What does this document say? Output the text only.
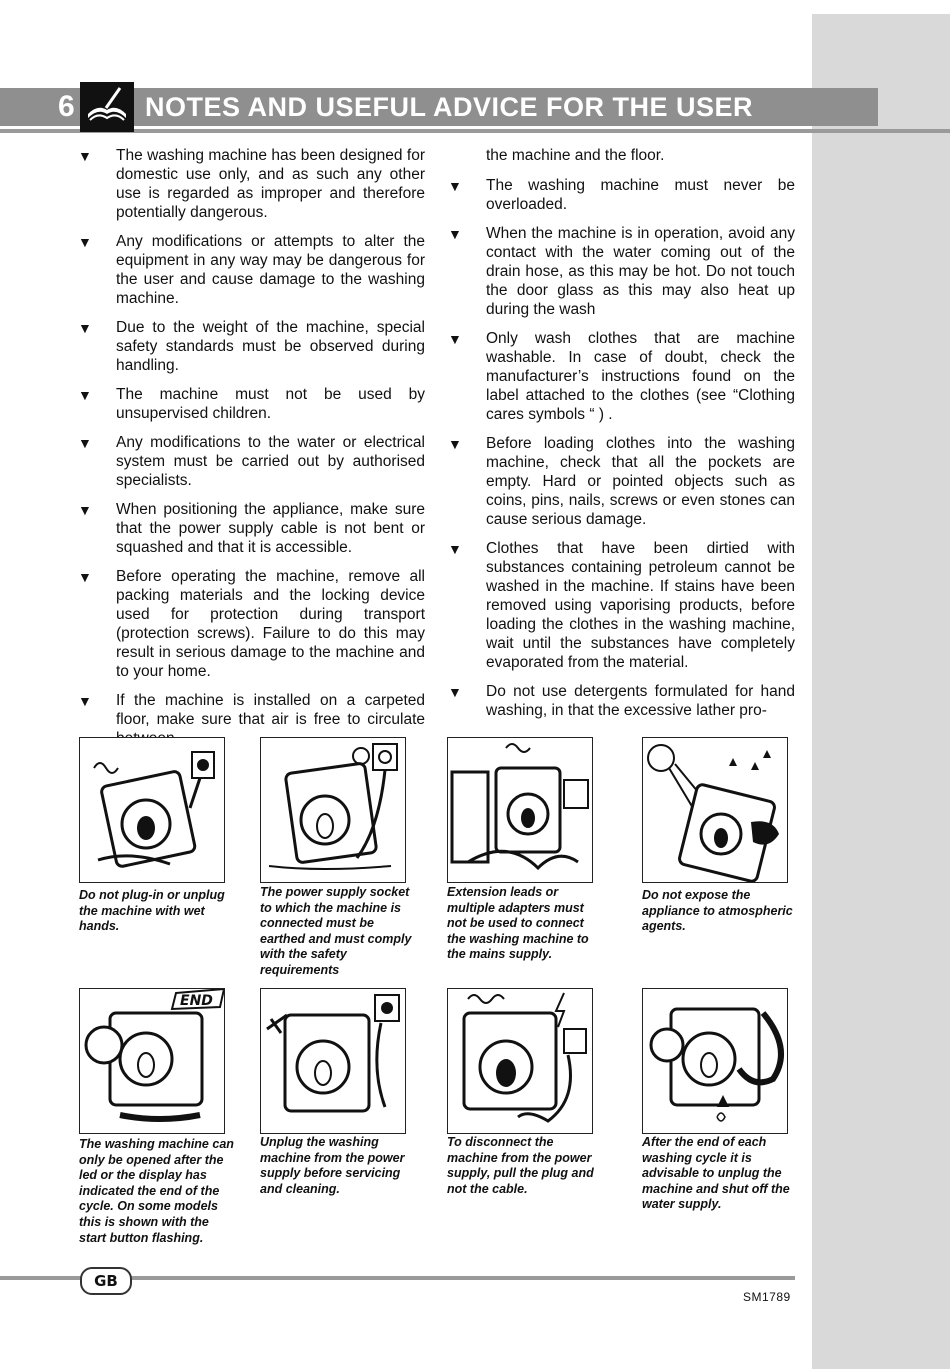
6	NOTES AND USEFUL ADVICE FOR THE USER
▼ The washing machine has been designed for domestic use only, and as such any other use is regarded as improper and therefore potentially dangerous.
▼ Any modifications or attempts to alter the equipment in any way may be dangerous for the user and cause damage to the washing machine.
▼ Due to the weight of the machine, special safety standards must be observed during handling.
▼ The machine must not be used by unsupervised children.
▼ Any modifications to the water or electrical system must be carried out by authorised specialists.
▼ When positioning the appliance, make sure that the power supply cable is not bent or squashed and that it is accessible.
▼ Before operating the machine, remove all packing materials and the locking device used for protection during transport (protection screws). Failure to do this may result in serious damage to the machine and to your home.
▼ If the machine is installed on a carpeted floor, make sure that air is free to circulate
the machine and the floor.
▼ The washing machine must never be overloaded.
▼ When the machine is in operation, avoid any contact with the water coming out of the drain hose, as this may be hot. Do not touch the door glass as this may also heat up during the wash
▼ Only wash clothes that are machine washable. In case of doubt, check the manufacturer’s instructions found on the label attached to the clothes (see “Clothing cares symbols “ ) .
▼ Before loading clothes into the washing machine, check that all the pockets are empty. Hard or pointed objects such as coins, pins, nails, screws or even stones can cause serious damage.
▼ Clothes that have been dirtied with substances containing petroleum cannot be washed in the machine. If stains have been removed using vaporising products, before loading the clothes in the washing machine, wait until the substances have completely evaporated from the material.
▼ Do not use detergents formulated for hand washing, in that the excessive lather pro-
Do not plug-in or unplug the machine with wet hands.
The power supply socket to which the machine is connected must be earthed and must comply with the safety requirements
Extension leads or multiple adapters must not be used to connect the washing machine to the mains supply.
Do not expose the appliance to atmospheric agents.
END
The washing machine can only be opened after the led or the display has indicated the end of the cycle. On some models this is shown with the start button flashing.
Unplug the washing machine from the power supply before servicing and cleaning.
To disconnect the machine from the power supply, pull the plug and not the cable.
After the end of each washing cycle it is advisable to unplug the machine and shut off the water supply.
GB
SM1789
